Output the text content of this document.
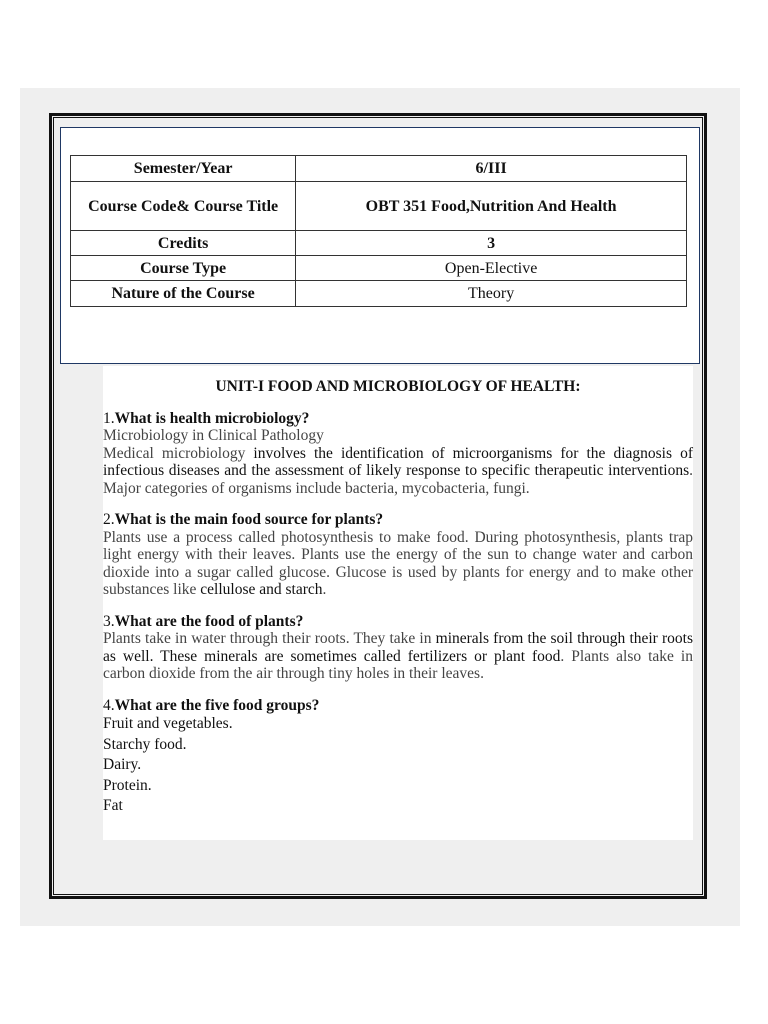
Semester/Year	6/III
Course Code& Course Title	OBT 351 Food,Nutrition And Health
Credits	3
Course Type	Open-Elective
Nature of the Course	Theory
UNIT-I FOOD AND MICROBIOLOGY OF HEALTH:

1.What is health microbiology?

Microbiology in Clinical Pathology

Medical microbiology involves the identification of microorganisms for the diagnosis of infectious diseases and the assessment of likely response to specific therapeutic interventions. Major categories of organisms include bacteria, mycobacteria, fungi.

2.What is the main food source for plants?

Plants use a process called photosynthesis to make food. During photosynthesis, plants trap light energy with their leaves. Plants use the energy of the sun to change water and carbon dioxide into a sugar called glucose. Glucose is used by plants for energy and to make other substances like cellulose and starch.

3.What are the food of plants?

Plants take in water through their roots. They take in minerals from the soil through their roots as well. These minerals are sometimes called fertilizers or plant food. Plants also take in carbon dioxide from the air through tiny holes in their leaves.

4.What are the five food groups?

Fruit and vegetables.
Starchy food.
Dairy.
Protein.
Fat
